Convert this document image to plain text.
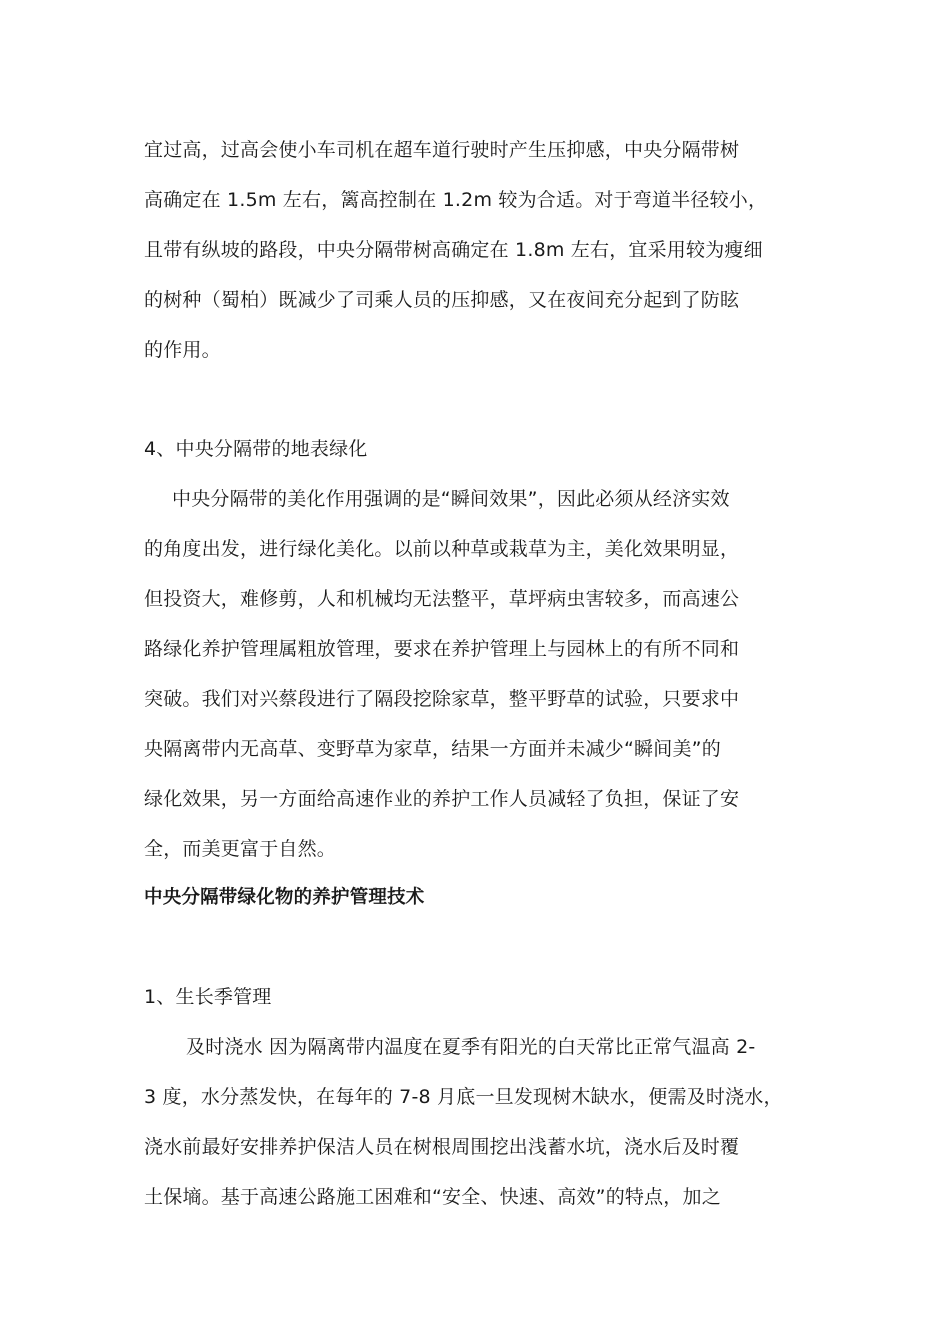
宜过高，过高会使小车司机在超车道行驶时产生压抑感，中央分隔带树
高确定在 1.5m 左右，篱高控制在 1.2m 较为合适。对于弯道半径较小，
且带有纵坡的路段，中央分隔带树高确定在 1.8m 左右，宜采用较为瘦细
的树种（蜀柏）既减少了司乘人员的压抑感，又在夜间充分起到了防眩
的作用。
4、中央分隔带的地表绿化
中央分隔带的美化作用强调的是“瞬间效果”，因此必须从经济实效
的角度出发，进行绿化美化。以前以种草或栽草为主，美化效果明显，
但投资大，难修剪，人和机械均无法整平，草坪病虫害较多，而高速公
路绿化养护管理属粗放管理，要求在养护管理上与园林上的有所不同和
突破。我们对兴蔡段进行了隔段挖除家草，整平野草的试验，只要求中
央隔离带内无高草、变野草为家草，结果一方面并未减少“瞬间美”的
绿化效果，另一方面给高速作业的养护工作人员减轻了负担，保证了安
全，而美更富于自然。
中央分隔带绿化物的养护管理技术
1、生长季管理
及时浇水 因为隔离带内温度在夏季有阳光的白天常比正常气温高 2-
3 度，水分蒸发快，在每年的 7-8 月底一旦发现树木缺水，便需及时浇水，
浇水前最好安排养护保洁人员在树根周围挖出浅蓄水坑，浇水后及时覆
土保墒。基于高速公路施工困难和“安全、快速、高效”的特点，加之
